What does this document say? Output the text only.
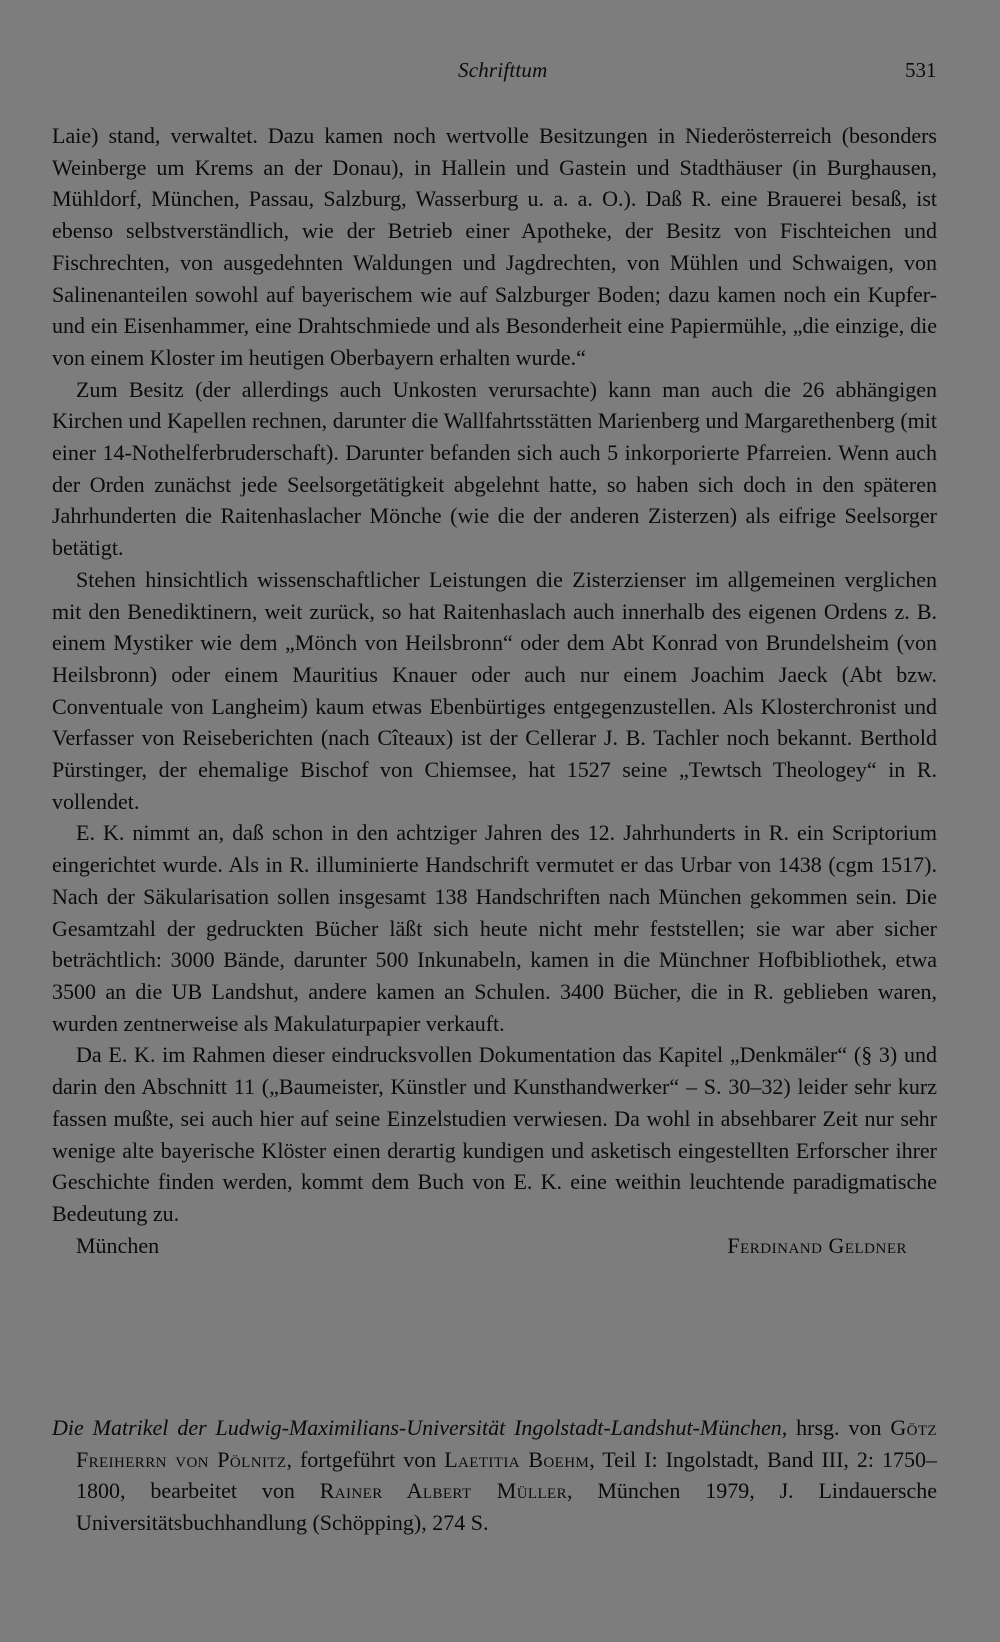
Schrifttum	531

Laie) stand, verwaltet. Dazu kamen noch wertvolle Besitzungen in Niederösterreich (besonders Weinberge um Krems an der Donau), in Hallein und Gastein und Stadthäuser (in Burghausen, Mühldorf, München, Passau, Salzburg, Wasserburg u. a. a. O.). Daß R. eine Brauerei besaß, ist ebenso selbstverständlich, wie der Betrieb einer Apotheke, der Besitz von Fischteichen und Fischrechten, von ausgedehnten Waldungen und Jagdrechten, von Mühlen und Schwaigen, von Salinenanteilen sowohl auf bayerischem wie auf Salzburger Boden; dazu kamen noch ein Kupfer- und ein Eisenhammer, eine Drahtschmiede und als Besonderheit eine Papiermühle, „die einzige, die von einem Kloster im heutigen Oberbayern erhalten wurde.“

Zum Besitz (der allerdings auch Unkosten verursachte) kann man auch die 26 abhängigen Kirchen und Kapellen rechnen, darunter die Wallfahrtsstätten Marienberg und Margarethenberg (mit einer 14-Nothelferbruderschaft). Darunter befanden sich auch 5 inkorporierte Pfarreien. Wenn auch der Orden zunächst jede Seelsorgetätigkeit abgelehnt hatte, so haben sich doch in den späteren Jahrhunderten die Raitenhaslacher Mönche (wie die der anderen Zisterzen) als eifrige Seelsorger betätigt.

Stehen hinsichtlich wissenschaftlicher Leistungen die Zisterzienser im allgemeinen verglichen mit den Benediktinern, weit zurück, so hat Raitenhaslach auch innerhalb des eigenen Ordens z. B. einem Mystiker wie dem „Mönch von Heilsbronn“ oder dem Abt Konrad von Brundelsheim (von Heilsbronn) oder einem Mauritius Knauer oder auch nur einem Joachim Jaeck (Abt bzw. Conventuale von Langheim) kaum etwas Ebenbürtiges entgegenzustellen. Als Klosterchronist und Verfasser von Reiseberichten (nach Cîteaux) ist der Cellerar J. B. Tachler noch bekannt. Berthold Pürstinger, der ehemalige Bischof von Chiemsee, hat 1527 seine „Tewtsch Theologey“ in R. vollendet.

E. K. nimmt an, daß schon in den achtziger Jahren des 12. Jahrhunderts in R. ein Scriptorium eingerichtet wurde. Als in R. illuminierte Handschrift vermutet er das Urbar von 1438 (cgm 1517). Nach der Säkularisation sollen insgesamt 138 Handschriften nach München gekommen sein. Die Gesamtzahl der gedruckten Bücher läßt sich heute nicht mehr feststellen; sie war aber sicher beträchtlich: 3000 Bände, darunter 500 Inkunabeln, kamen in die Münchner Hofbibliothek, etwa 3500 an die UB Landshut, andere kamen an Schulen. 3400 Bücher, die in R. geblieben waren, wurden zentnerweise als Makulaturpapier verkauft.

Da E. K. im Rahmen dieser eindrucksvollen Dokumentation das Kapitel „Denkmäler“ (§ 3) und darin den Abschnitt 11 („Baumeister, Künstler und Kunsthandwerker“ – S. 30–32) leider sehr kurz fassen mußte, sei auch hier auf seine Einzelstudien verwiesen. Da wohl in absehbarer Zeit nur sehr wenige alte bayerische Klöster einen derartig kundigen und asketisch eingestellten Erforscher ihrer Geschichte finden werden, kommt dem Buch von E. K. eine weithin leuchtende paradigmatische Bedeutung zu.

München	Ferdinand Geldner

Die Matrikel der Ludwig-Maximilians-Universität Ingolstadt-Landshut-München, hrsg. von Götz Freiherrn von Pölnitz, fortgeführt von Laetitia Boehm, Teil I: Ingolstadt, Band III, 2: 1750–1800, bearbeitet von Rainer Albert Müller, München 1979, J. Lindauersche Universitätsbuchhandlung (Schöpping), 274 S.
